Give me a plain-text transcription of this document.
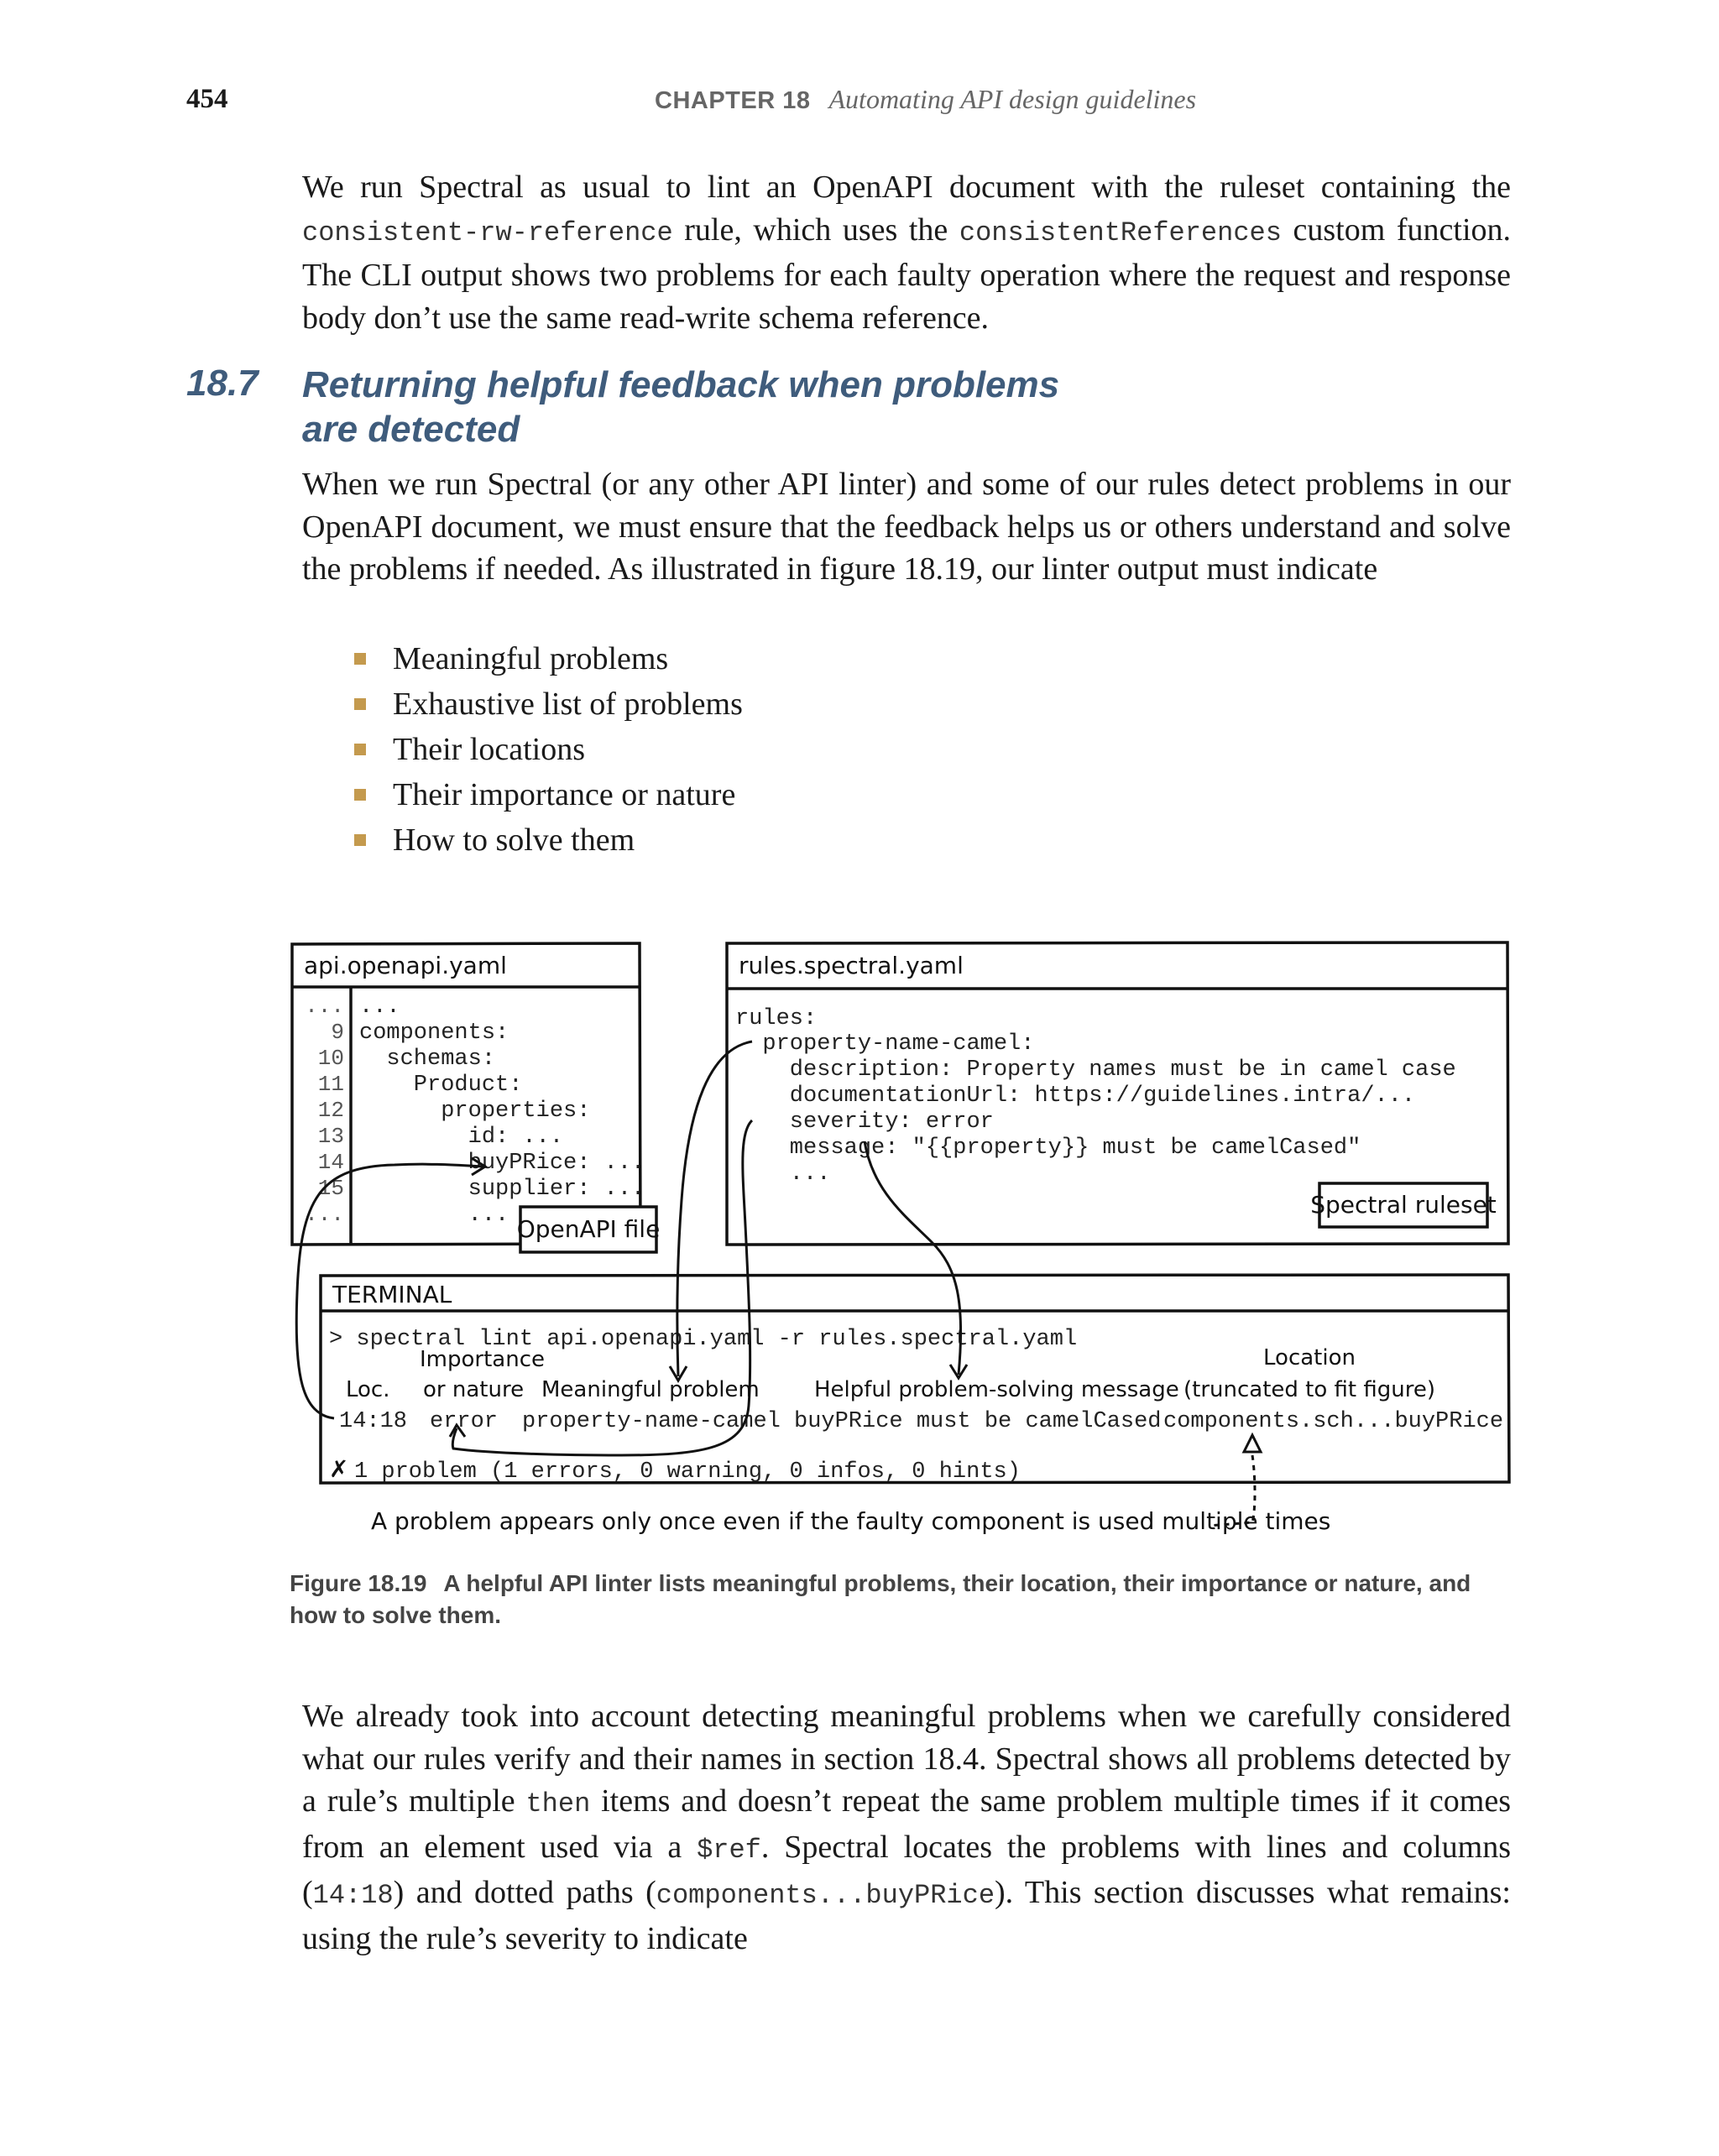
454	CHAPTER 18 Automating API design guidelines
We run Spectral as usual to lint an OpenAPI document with the ruleset containing the consistent-rw-reference rule, which uses the consistentReferences custom function. The CLI output shows two problems for each faulty operation where the request and response body don’t use the same read-write schema reference.
18.7 Returning helpful feedback when problems
are detected
When we run Spectral (or any other API linter) and some of our rules detect problems in our OpenAPI document, we must ensure that the feedback helps us or others understand and solve the problems if needed. As illustrated in figure 18.19, our linter output must indicate
Meaningful problems
Exhaustive list of problems
Their locations
Their importance or nature
How to solve them
api.openapi.yaml
...
9
10
11
12
13
14
15
...
...
components:
schemas:
Product:
properties:
id: ...
buyPRice: ...
supplier: ...
... OpenAPI file
rules.spectral.yaml
rules:
property-name-camel:
description: Property names must be in camel case
documentationUrl: https://guidelines.intra/...
severity: error
message: "{{property}} must be camelCased"
...
Spectral ruleset
TERMINAL
> spectral lint api.openapi.yaml -r rules.spectral.yaml
Loc.
Importance
or nature Meaningful problem	Helpful problem-solving message
Location
(truncated to fit figure)
14:18 error property-name-camel buyPRice must be camelCased components.sch...buyPRice
✗ 1 problem (1 errors, 0 warning, 0 infos, 0 hints)
A problem appears only once even if the faulty component is used multiple times
Figure 18.19 A helpful API linter lists meaningful problems, their location, their importance or nature, and how to solve them.
We already took into account detecting meaningful problems when we carefully considered what our rules verify and their names in section 18.4. Spectral shows all problems detected by a rule’s multiple then items and doesn’t repeat the same problem multiple times if it comes from an element used via a $ref. Spectral locates the problems with lines and columns (14:18) and dotted paths (components...buyPRice). This section discusses what remains: using the rule’s severity to indicate
